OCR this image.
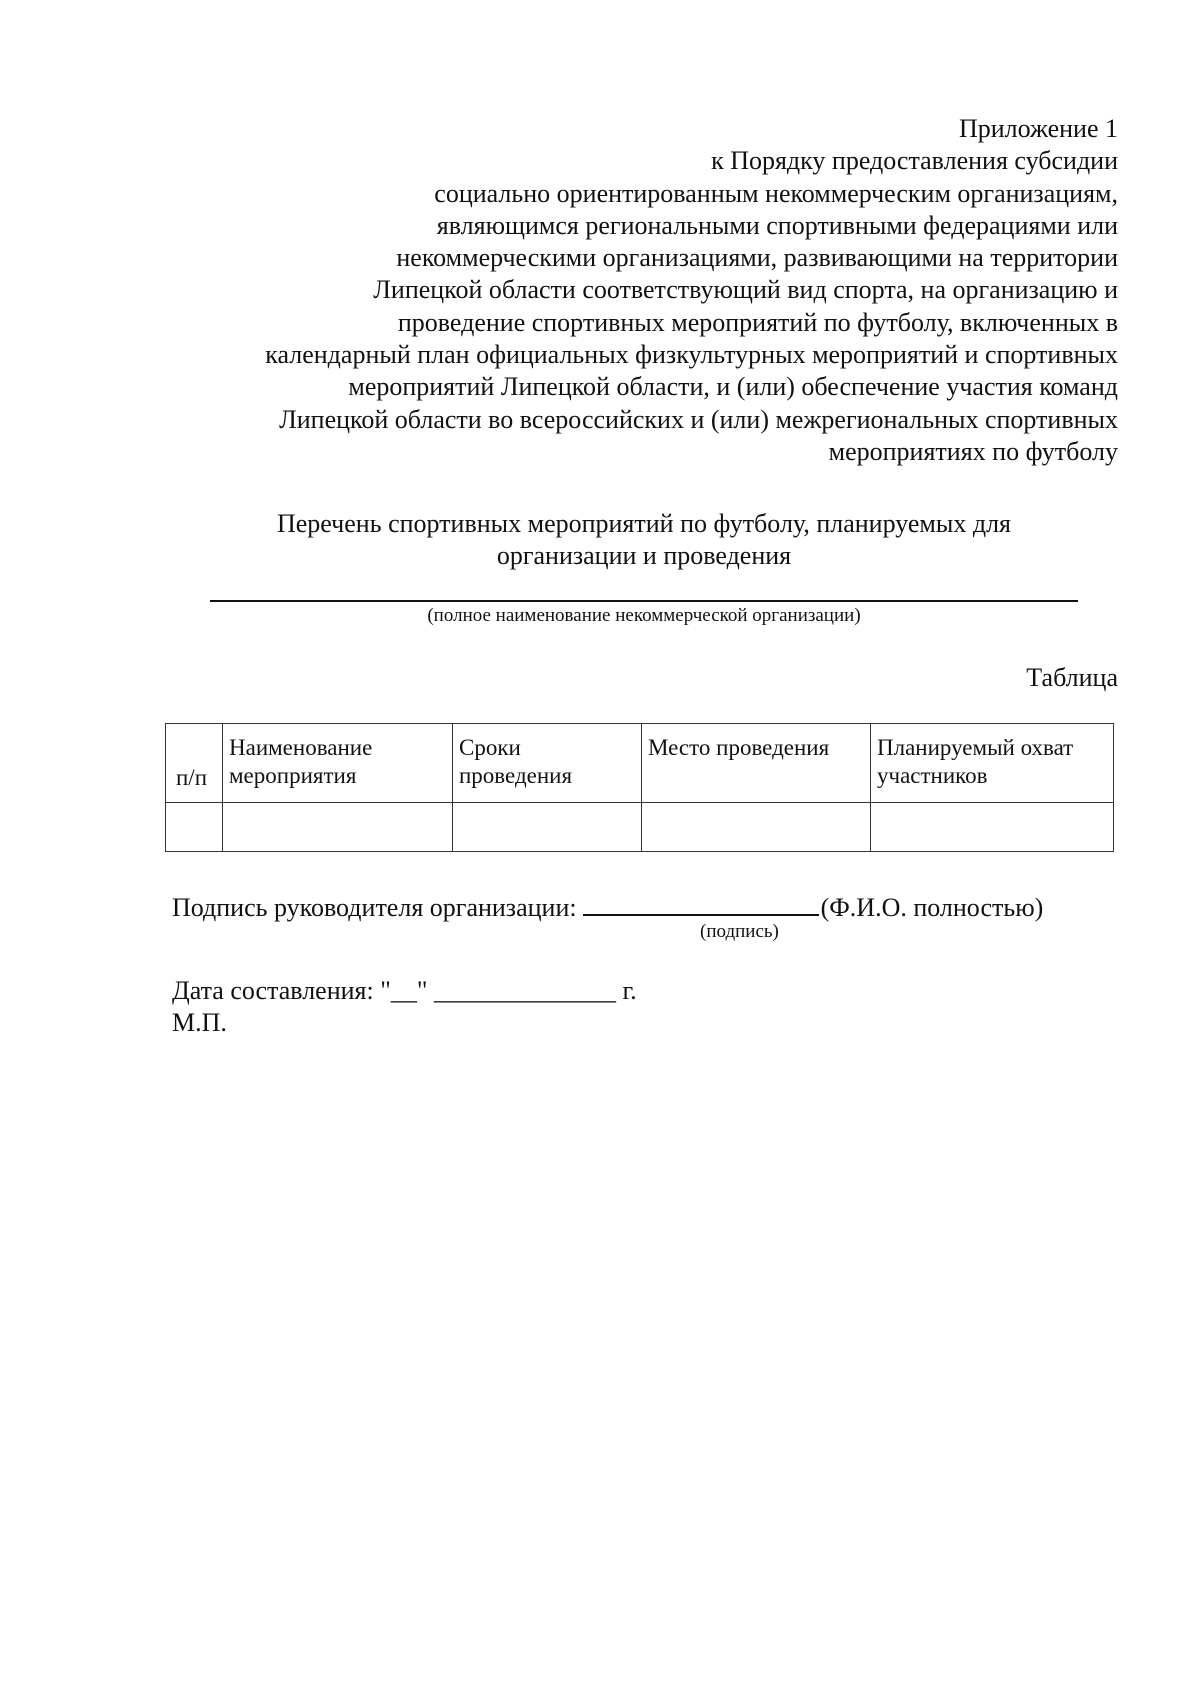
Приложение 1
к Порядку предоставления субсидии
социально ориентированным некоммерческим организациям,
являющимся региональными спортивными федерациями или
некоммерческими организациями, развивающими на территории
Липецкой области соответствующий вид спорта, на организацию и
проведение спортивных мероприятий по футболу, включенных в
календарный план официальных физкультурных мероприятий и спортивных
мероприятий Липецкой области, и (или) обеспечение участия команд
Липецкой области во всероссийских и (или) межрегиональных спортивных
мероприятиях по футболу
Перечень спортивных мероприятий по футболу, планируемых для
организации и проведения
(полное наименование некоммерческой организации)
Таблица
п/п	Наименование мероприятия	Сроки проведения	Место проведения	Планируемый охват участников

Подпись руководителя организации:	(Ф.И.О. полностью)
(подпись)
Дата составления: "__" ______________ г.
М.П.
